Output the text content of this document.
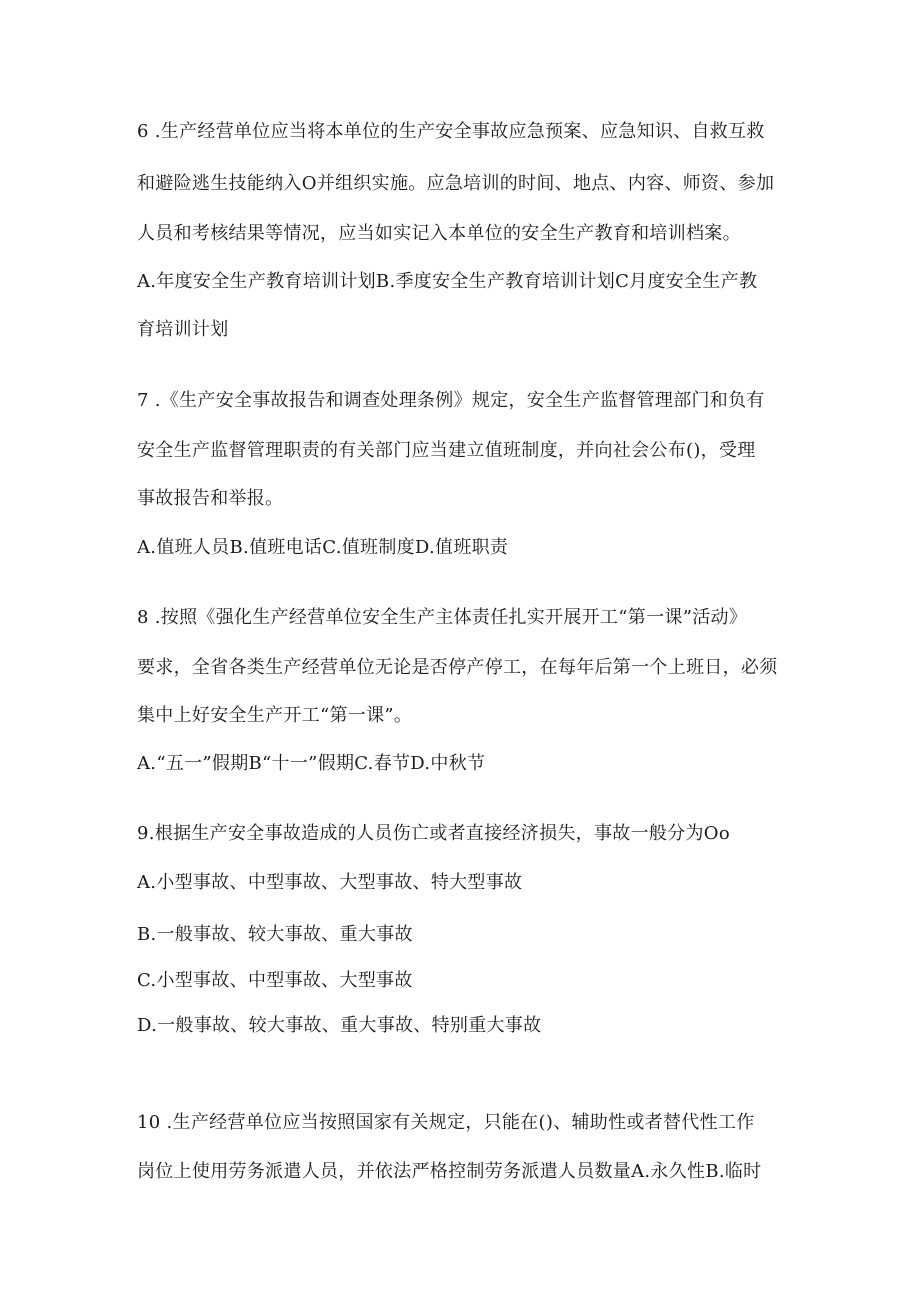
6 .生产经营单位应当将本单位的生产安全事故应急预案、应急知识、自救互救
和避险逃生技能纳入O并组织实施。应急培训的时间、地点、内容、师资、参加
人员和考核结果等情况，应当如实记入本单位的安全生产教育和培训档案。
A.年度安全生产教育培训计划B.季度安全生产教育培训计划C月度安全生产教
育培训计划
7 .《生产安全事故报告和调查处理条例》规定，安全生产监督管理部门和负有
安全生产监督管理职责的有关部门应当建立值班制度，并向社会公布()，受理
事故报告和举报。
A.值班人员B.值班电话C.值班制度D.值班职责
8 .按照《强化生产经营单位安全生产主体责任扎实开展开工“第一课”活动》
要求，全省各类生产经营单位无论是否停产停工，在每年后第一个上班日，必须
集中上好安全生产开工“第一课”。
A.“五一”假期B“十一”假期C.春节D.中秋节
9.根据生产安全事故造成的人员伤亡或者直接经济损失，事故一般分为Oo
A.小型事故、中型事故、大型事故、特大型事故
B.一般事故、较大事故、重大事故
C.小型事故、中型事故、大型事故
D.一般事故、较大事故、重大事故、特别重大事故
10 .生产经营单位应当按照国家有关规定，只能在()、辅助性或者替代性工作
岗位上使用劳务派遣人员，并依法严格控制劳务派遣人员数量A.永久性B.临时
